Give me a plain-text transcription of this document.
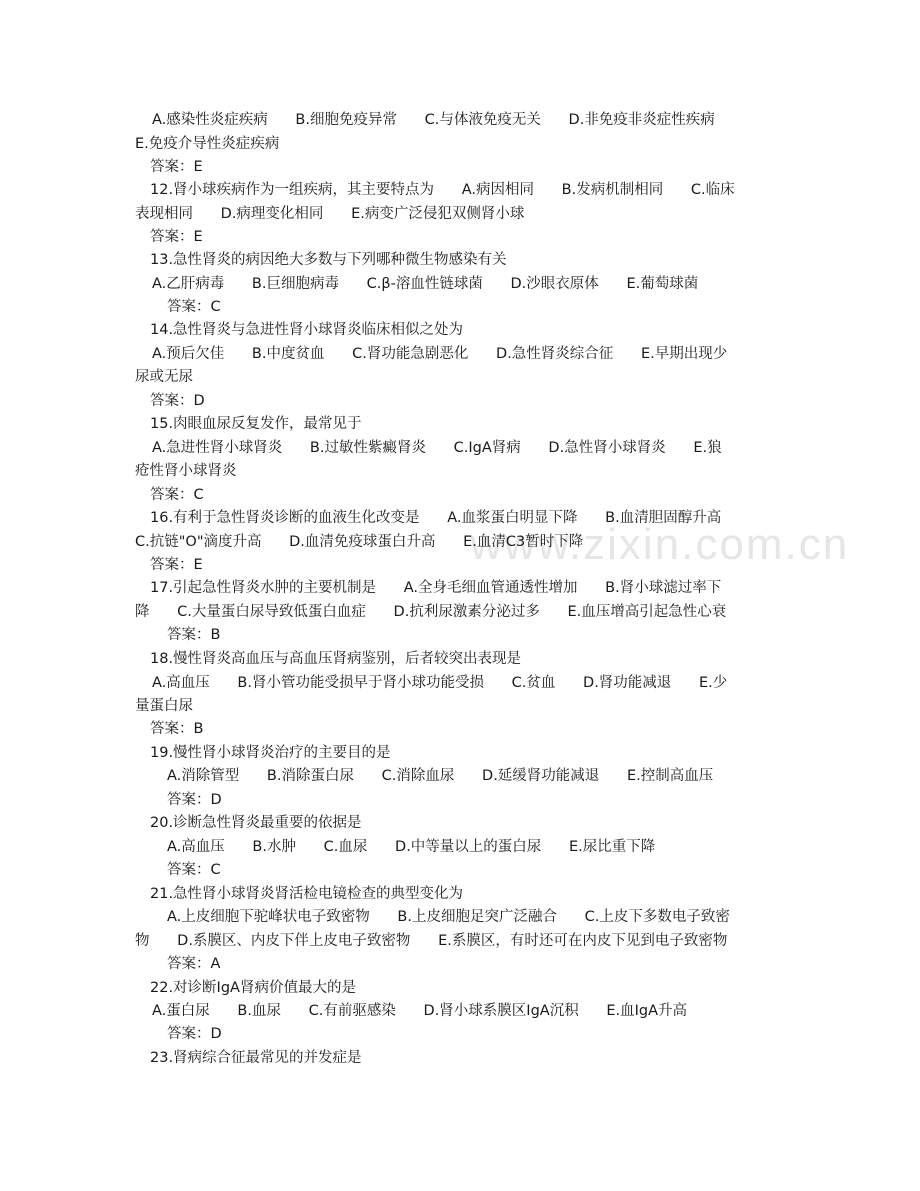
www.zixin.com.cn
A.感染性炎症疾病      B.细胞免疫异常      C.与体液免疫无关      D.非免疫非炎症性疾病
E.免疫介导性炎症疾病
答案：E
12.肾小球疾病作为一组疾病，其主要特点为      A.病因相同      B.发病机制相同      C.临床
表现相同      D.病理变化相同      E.病变广泛侵犯双侧肾小球
答案：E
13.急性肾炎的病因绝大多数与下列哪种微生物感染有关
A.乙肝病毒      B.巨细胞病毒      C.β-溶血性链球菌      D.沙眼衣原体      E.葡萄球菌
答案：C
14.急性肾炎与急进性肾小球肾炎临床相似之处为
A.预后欠佳      B.中度贫血      C.肾功能急剧恶化      D.急性肾炎综合征      E.早期出现少
尿或无尿
答案：D
15.肉眼血尿反复发作，最常见于
A.急进性肾小球肾炎      B.过敏性紫癜肾炎      C.IgA肾病      D.急性肾小球肾炎      E.狼
疮性肾小球肾炎
答案：C
16.有利于急性肾炎诊断的血液生化改变是      A.血浆蛋白明显下降      B.血清胆固醇升高
C.抗链"O"滴度升高      D.血清免疫球蛋白升高      E.血清C3暂时下降
答案：E
17.引起急性肾炎水肿的主要机制是      A.全身毛细血管通透性增加      B.肾小球滤过率下
降      C.大量蛋白尿导致低蛋白血症      D.抗利尿激素分泌过多      E.血压增高引起急性心衰
答案：B
18.慢性肾炎高血压与高血压肾病鉴别，后者较突出表现是
A.高血压      B.肾小管功能受损早于肾小球功能受损      C.贫血      D.肾功能减退      E.少
量蛋白尿
答案：B
19.慢性肾小球肾炎治疗的主要目的是
A.消除管型      B.消除蛋白尿      C.消除血尿      D.延缓肾功能减退      E.控制高血压
答案：D
20.诊断急性肾炎最重要的依据是
A.高血压      B.水肿      C.血尿      D.中等量以上的蛋白尿      E.尿比重下降
答案：C
21.急性肾小球肾炎肾活检电镜检查的典型变化为
A.上皮细胞下驼峰状电子致密物      B.上皮细胞足突广泛融合      C.上皮下多数电子致密
物      D.系膜区、内皮下伴上皮电子致密物      E.系膜区，有时还可在内皮下见到电子致密物
答案：A
22.对诊断IgA肾病价值最大的是
A.蛋白尿      B.血尿      C.有前驱感染      D.肾小球系膜区IgA沉积      E.血IgA升高
答案：D
23.肾病综合征最常见的并发症是
